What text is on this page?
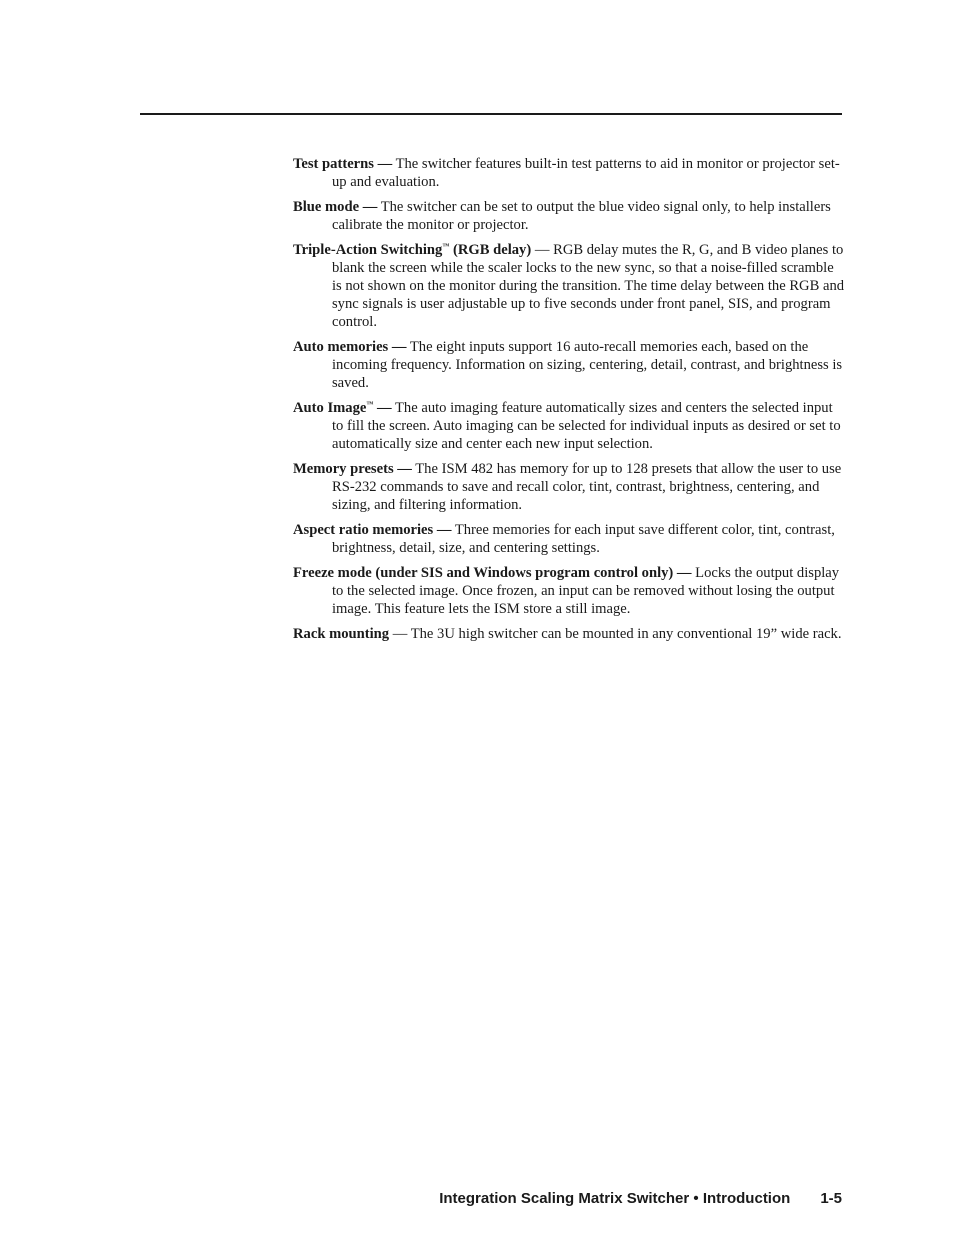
Test patterns — The switcher features built-in test patterns to aid in monitor or projector set-up and evaluation.

Blue mode — The switcher can be set to output the blue video signal only, to help installers calibrate the monitor or projector.

Triple-Action Switching™ (RGB delay) — RGB delay mutes the R, G, and B video planes to blank the screen while the scaler locks to the new sync, so that a noise-filled scramble is not shown on the monitor during the transition. The time delay between the RGB and sync signals is user adjustable up to five seconds under front panel, SIS, and program control.

Auto memories — The eight inputs support 16 auto-recall memories each, based on the incoming frequency. Information on sizing, centering, detail, contrast, and brightness is saved.

Auto Image™ — The auto imaging feature automatically sizes and centers the selected input to fill the screen. Auto imaging can be selected for individual inputs as desired or set to automatically size and center each new input selection.

Memory presets — The ISM 482 has memory for up to 128 presets that allow the user to use RS-232 commands to save and recall color, tint, contrast, brightness, centering, and sizing, and filtering information.

Aspect ratio memories — Three memories for each input save different color, tint, contrast, brightness, detail, size, and centering settings.

Freeze mode (under SIS and Windows program control only) — Locks the output display to the selected image. Once frozen, an input can be removed without losing the output image. This feature lets the ISM store a still image.

Rack mounting — The 3U high switcher can be mounted in any conventional 19” wide rack.

Integration Scaling Matrix Switcher • Introduction 1-5
